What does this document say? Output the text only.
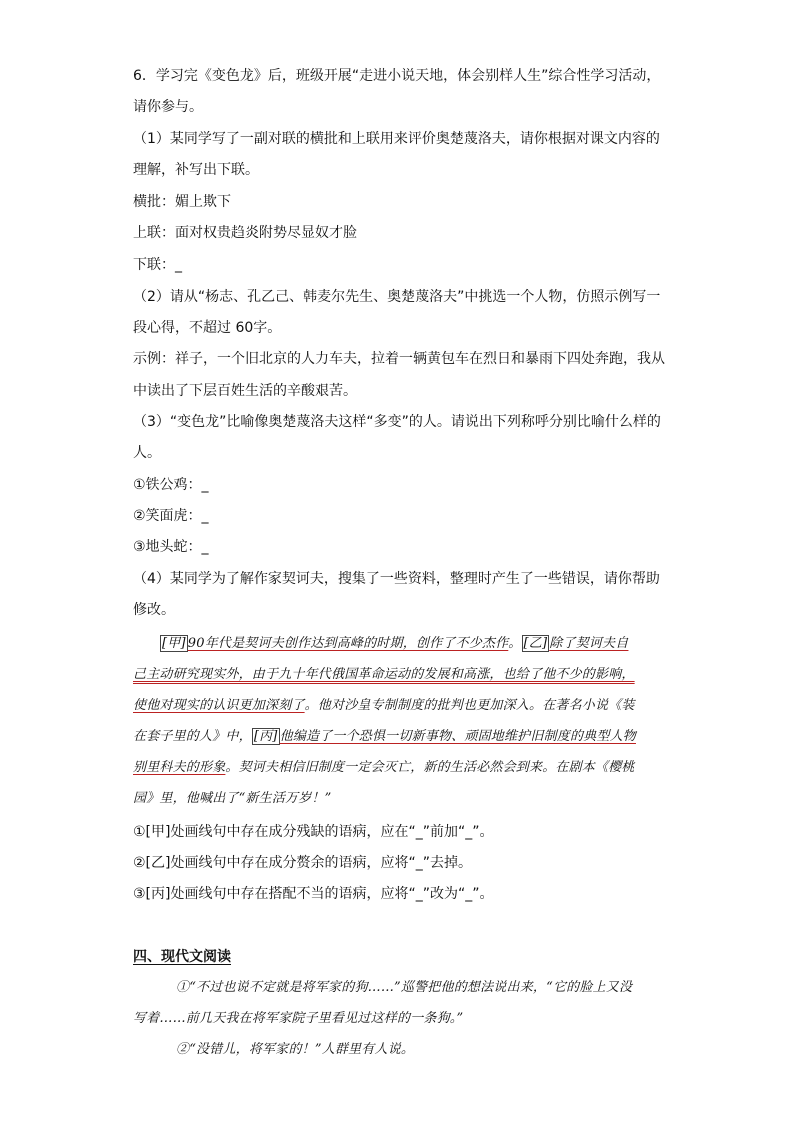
6．学习完《变色龙》后，班级开展“走进小说天地，体会别样人生”综合性学习活动，
请你参与。
（1）某同学写了一副对联的横批和上联用来评价奥楚蔑洛夫，请你根据对课文内容的
理解，补写出下联。
横批：媚上欺下
上联：面对权贵趋炎附势尽显奴才脸
下联：_
（2）请从“杨志、孔乙己、韩麦尔先生、奥楚蔑洛夫”中挑选一个人物，仿照示例写一
段心得，不超过 60字。
示例：祥子，一个旧北京的人力车夫，拉着一辆黄包车在烈日和暴雨下四处奔跑，我从
中读出了下层百姓生活的辛酸艰苦。
（3）“变色龙”比喻像奥楚蔑洛夫这样“多变”的人。请说出下列称呼分别比喻什么样的
人。
①铁公鸡：_
②笑面虎：_
③地头蛇：_
（4）某同学为了解作家契诃夫，搜集了一些资料，整理时产生了一些错误，请你帮助
修改。
[甲] 90年代是契诃夫创作达到高峰的时期，创作了不少杰作。 [乙] 除了契诃夫自
己主动研究现实外，由于九十年代俄国革命运动的发展和高涨，也给了他不少的影响，
使他对现实的认识更加深刻了。他对沙皇专制制度的批判也更加深入。在著名小说《装
在套子里的人》中， [丙] 他编造了一个恐惧一切新事物、顽固地维护旧制度的典型人物
别里科夫的形象。契诃夫相信旧制度一定会灭亡，新的生活必然会到来。在剧本《樱桃
园》里，他喊出了“新生活万岁！”
①[甲]处画线句中存在成分残缺的语病，应在“_”前加“_”。
②[乙]处画线句中存在成分赘余的语病，应将“_”去掉。
③[丙]处画线句中存在搭配不当的语病，应将“_”改为“_”。
四、现代文阅读
①“不过也说不定就是将军家的狗……”巡警把他的想法说出来，“它的脸上又没
写着……前几天我在将军家院子里看见过这样的一条狗。”
②“没错儿，将军家的！”人群里有人说。
